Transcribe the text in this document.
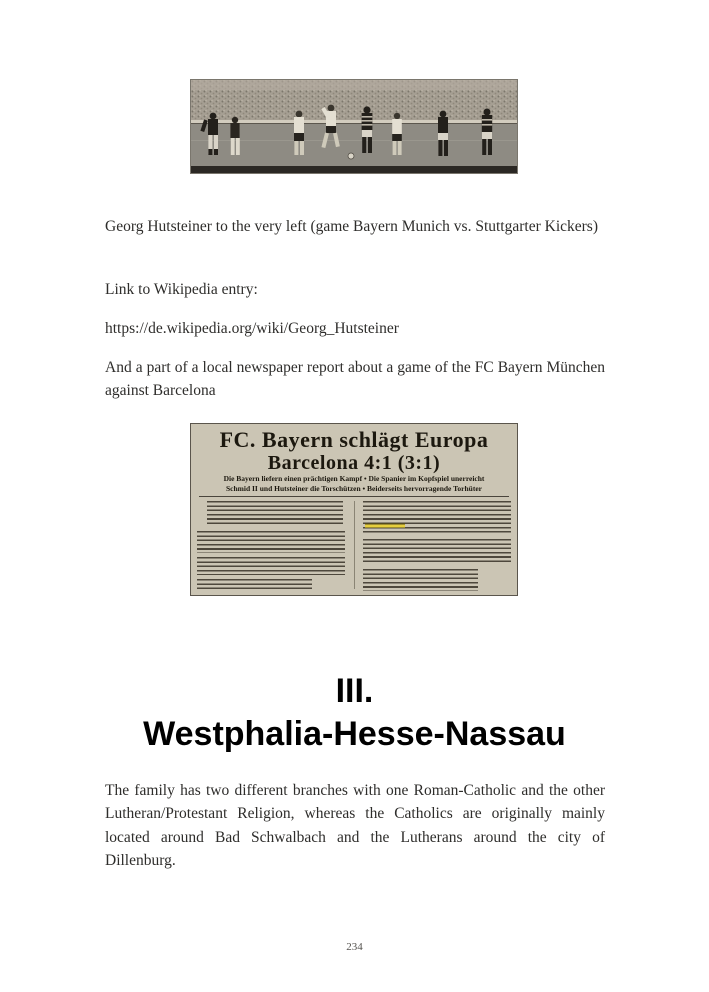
Georg Hutsteiner to the very left (game Bayern Munich vs. Stuttgarter Kickers)

Link to Wikipedia entry:

https://de.wikipedia.org/wiki/Georg_Hutsteiner

And a part of a local newspaper report about a game of the FC Bayern München against Barcelona

FC. Bayern schlägt Europa
Barcelona 4:1 (3:1)
Die Bayern liefern einen prächtigen Kampf • Die Spanier im Kopfspiel unerreicht
Schmid II und Hutsteiner die Torschützen • Beiderseits hervorragende Torhüter
III.
Westphalia-Hesse-Nassau

The family has two different branches with one Roman-Catholic and the other Lutheran/Protestant Religion, whereas the Catholics are originally mainly located around Bad Schwalbach and the Lutherans around the city of Dillenburg.

234
